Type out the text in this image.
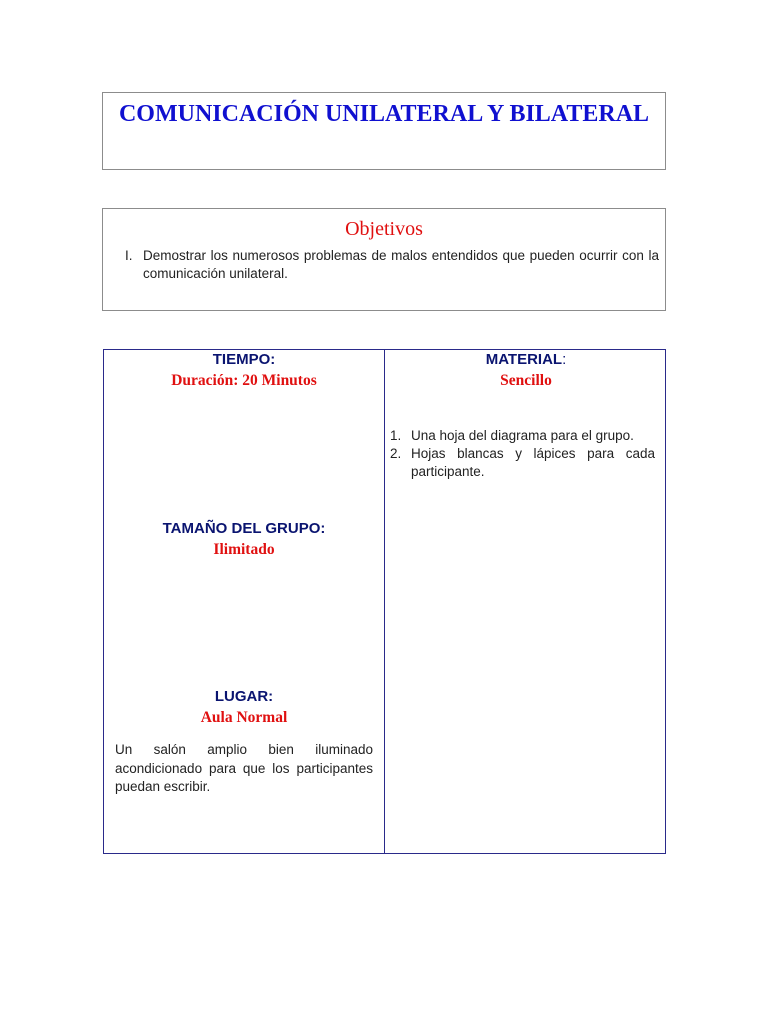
COMUNICACIÓN UNILATERAL Y BILATERAL
Objetivos
I. Demostrar los numerosos problemas de malos entendidos que pueden ocurrir con la comunicación unilateral.
TIEMPO:
Duración: 20 Minutos
TAMAÑO DEL GRUPO:
Ilimitado
LUGAR:
Aula Normal
Un salón amplio bien iluminado acondicionado para que los participantes puedan escribir.
MATERIAL:
Sencillo
1. Una hoja del diagrama para el grupo.
2. Hojas blancas y lápices para cada participante.
